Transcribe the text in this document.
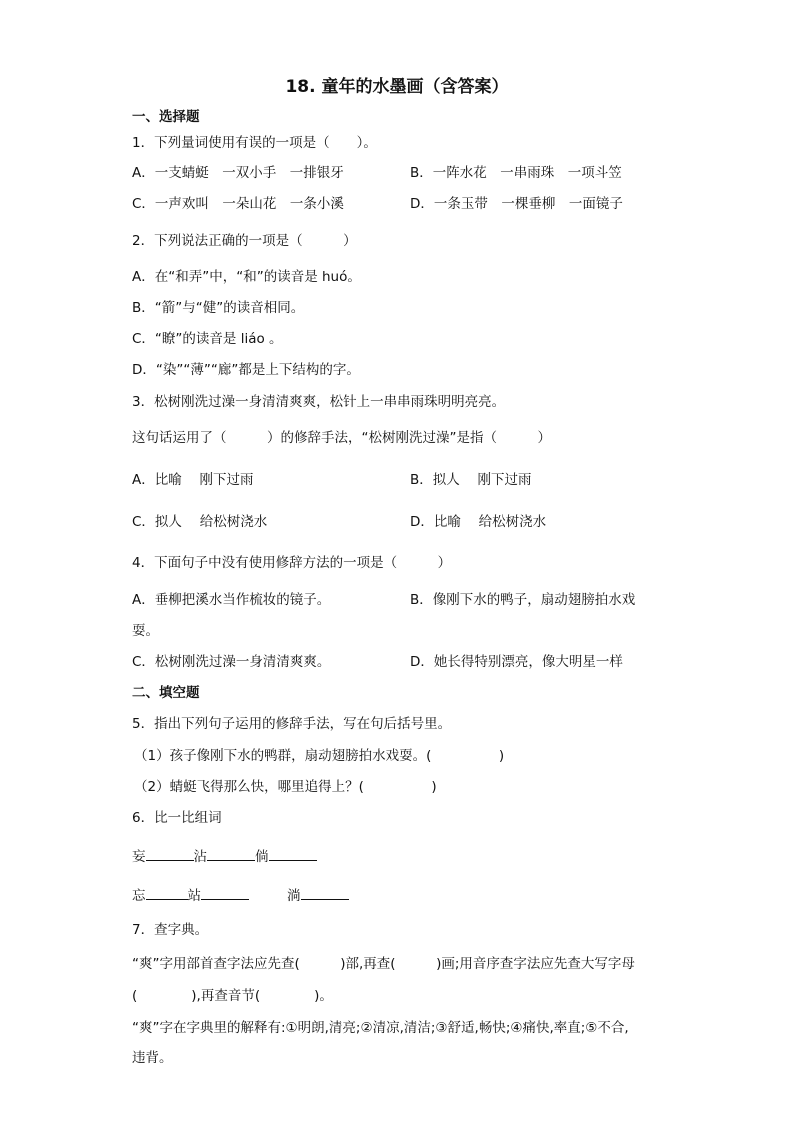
18. 童年的水墨画（含答案）
一、选择题
1．下列量词使用有误的一项是（　　）。
A．一支蜻蜓　一双小手　一排银牙	B．一阵水花　一串雨珠　一项斗笠
C．一声欢叫　一朵山花　一条小溪	D．一条玉带　一棵垂柳　一面镜子
2．下列说法正确的一项是（　　　）
A．在“和弄”中，“和”的读音是 huó。
B．“箭”与“健”的读音相同。
C．“瞭”的读音是 liáo 。
D．“染”“薄”“廊”都是上下结构的字。
3．松树刚洗过澡一身清清爽爽，松针上一串串雨珠明明亮亮。
这句话运用了（　　　）的修辞手法，“松树刚洗过澡”是指（　　　）
A．比喻　 刚下过雨	B．拟人　 刚下过雨
C．拟人　 给松树浇水	D．比喻　 给松树浇水
4．下面句子中没有使用修辞方法的一项是（　　　）
A．垂柳把溪水当作梳妆的镜子。	B．像刚下水的鸭子，扇动翅膀拍水戏
耍。
C．松树刚洗过澡一身清清爽爽。	D．她长得特别漂亮，像大明星一样
二、填空题
5．指出下列句子运用的修辞手法，写在句后括号里。
（1）孩子像刚下水的鸭群，扇动翅膀拍水戏耍。(　　　　　)
（2）蜻蜓飞得那么快，哪里追得上？(　　　　　)
6．比一比组词
妄	沾	倘
忘	站	淌
7．查字典。
“爽”字用部首查字法应先查(　　　)部,再查(　　　)画;用音序查字法应先查大写字母
(　　　　),再查音节(　　　　)。
“爽”字在字典里的解释有:①明朗,清亮;②清凉,清洁;③舒适,畅快;④痛快,率直;⑤不合,
违背。
